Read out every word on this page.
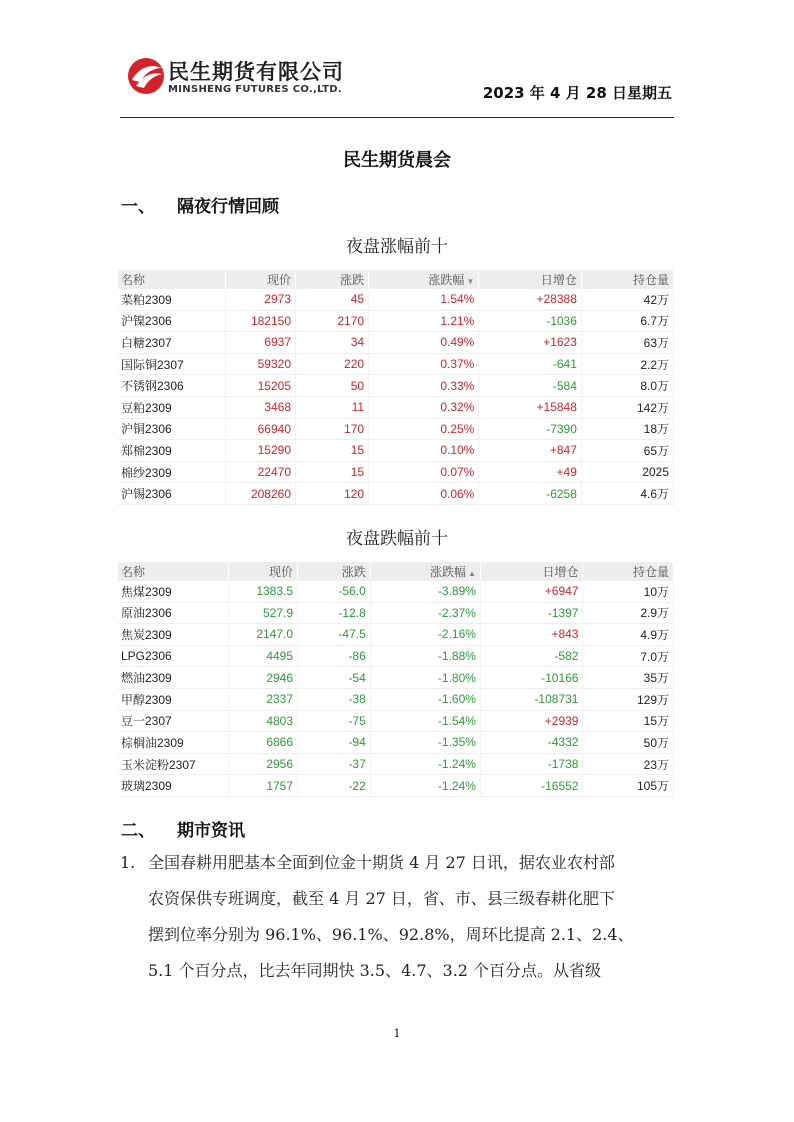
民生期货有限公司
MINSHENG FUTURES CO.,LTD.	2023 年 4 月 28 日星期五
民生期货晨会
一、 隔夜行情回顾
夜盘涨幅前十
名称	现价	涨跌	涨跌幅 ▼	日增仓	持仓量
菜粕2309	2973	45	1.54%	+28388	42万
沪镍2306	182150	2170	1.21%	-1036	6.7万
白糖2307	6937	34	0.49%	+1623	63万
国际铜2307	59320	220	0.37%	-641	2.2万
不锈钢2306	15205	50	0.33%	-584	8.0万
豆粕2309	3468	11	0.32%	+15848	142万
沪铜2306	66940	170	0.25%	-7390	18万
郑棉2309	15290	15	0.10%	+847	65万
棉纱2309	22470	15	0.07%	+49	2025
沪锡2306	208260	120	0.06%	-6258	4.6万
夜盘跌幅前十
名称	现价	涨跌	涨跌幅 ▲	日增仓	持仓量
焦煤2309	1383.5	-56.0	-3.89%	+6947	10万
原油2306	527.9	-12.8	-2.37%	-1397	2.9万
焦炭2309	2147.0	-47.5	-2.16%	+843	4.9万
LPG2306	4495	-86	-1.88%	-582	7.0万
燃油2309	2946	-54	-1.80%	-10166	35万
甲醇2309	2337	-38	-1.60%	-108731	129万
豆一2307	4803	-75	-1.54%	+2939	15万
棕榈油2309	6866	-94	-1.35%	-4332	50万
玉米淀粉2307	2956	-37	-1.24%	-1738	23万
玻璃2309	1757	-22	-1.24%	-16552	105万
二、 期市资讯
1. 全国春耕用肥基本全面到位金十期货 4 月 27 日讯，据农业农村部
农资保供专班调度，截至 4 月 27 日，省、市、县三级春耕化肥下
摆到位率分别为 96.1%、96.1%、92.8%，周环比提高 2.1、2.4、
5.1 个百分点，比去年同期快 3.5、4.7、3.2 个百分点。从省级
1
